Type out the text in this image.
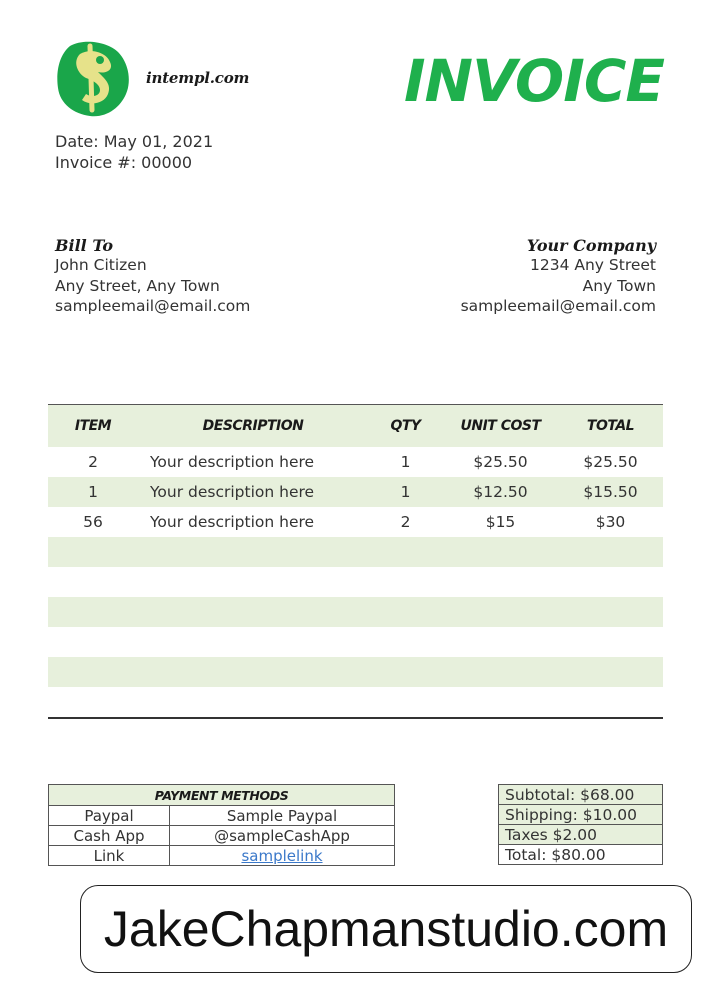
intempl.com	INVOICE
Date: May 01, 2021
Invoice #: 00000
Bill To
John Citizen
Any Street, Any Town
sampleemail@email.com
Your Company
1234 Any Street
Any Town
sampleemail@email.com
ITEM	DESCRIPTION	QTY	UNIT COST	TOTAL
2	Your description here	1	$25.50	$25.50
1	Your description here	1	$12.50	$15.50
56	Your description here	2	$15	$30

PAYMENT METHODS	
Paypal	Sample Paypal
Cash App	@sampleCashApp
Link	samplelink
Subtotal: $68.00
Shipping: $10.00
Taxes $2.00
Total: $80.00
JakeChapmanstudio.com
